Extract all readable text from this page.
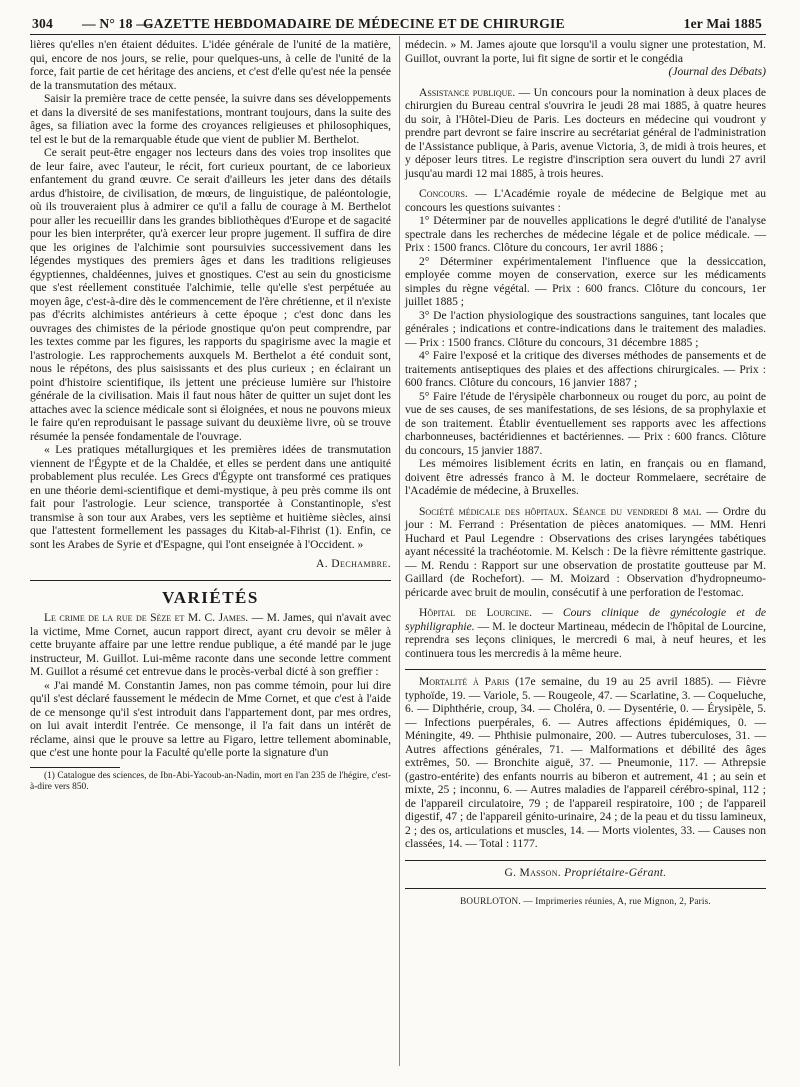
304 — N° 18 —
GAZETTE HEBDOMADAIRE DE MÉDECINE ET DE CHIRURGIE	1er Mai 1885

lières qu'elles n'en étaient déduites. L'idée générale de l'unité de la matière, qui, encore de nos jours, se relie, pour quelques-uns, à celle de l'unité de la force, fait partie de cet héritage des anciens, et c'est d'elle qu'est née la pensée de la transmutation des métaux.

Saisir la première trace de cette pensée, la suivre dans ses développements et dans la diversité de ses manifestations, montrant toujours, dans la suite des âges, sa filiation avec la forme des croyances religieuses et philosophiques, tel est le but de la remarquable étude que vient de publier M. Berthelot.

Ce serait peut-être engager nos lecteurs dans des voies trop insolites que de leur faire, avec l'auteur, le récit, fort curieux pourtant, de ce laborieux enfantement du grand œuvre. Ce serait d'ailleurs les jeter dans des détails ardus d'histoire, de civilisation, de mœurs, de linguistique, de paléontologie, où ils trouveraient plus à admirer ce qu'il a fallu de courage à M. Berthelot pour aller les recueillir dans les grandes bibliothèques d'Europe et de sagacité pour les bien interpréter, qu'à exercer leur propre jugement. Il suffira de dire que les origines de l'alchimie sont poursuivies successivement dans les légendes mystiques des premiers âges et dans les traditions religieuses égyptiennes, chaldéennes, juives et gnostiques. C'est au sein du gnosticisme que s'est réellement constituée l'alchimie, telle qu'elle s'est perpétuée au moyen âge, c'est-à-dire dès le commencement de l'ère chrétienne, et il n'existe pas d'écrits alchimistes antérieurs à cette époque ; c'est donc dans les ouvrages des chimistes de la période gnostique qu'on peut comprendre, par les textes comme par les figures, les rapports du spagirisme avec la magie et l'astrologie. Les rapprochements auxquels M. Berthelot a été conduit sont, nous le répétons, des plus saisissants et des plus curieux ; en éclairant un point d'histoire scientifique, ils jettent une précieuse lumière sur l'histoire générale de la civilisation. Mais il faut nous hâter de quitter un sujet dont les attaches avec la science médicale sont si éloignées, et nous ne pouvons mieux le faire qu'en reproduisant le passage suivant du deuxième livre, où se trouve résumée la pensée fondamentale de l'ouvrage.

« Les pratiques métallurgiques et les premières idées de transmutation viennent de l'Égypte et de la Chaldée, et elles se perdent dans une antiquité probablement plus reculée. Les Grecs d'Égypte ont transformé ces pratiques en une théorie demi-scientifique et demi-mystique, à peu près comme ils ont fait pour l'astrologie. Leur science, transportée à Constantinople, s'est transmise à son tour aux Arabes, vers les septième et huitième siècles, ainsi que l'attestent formellement les passages du Kitab-al-Fihrist (1). Enfin, ce sont les Arabes de Syrie et d'Espagne, qui l'ont enseignée à l'Occident. »

A. Dechambre.
VARIÉTÉS

Le crime de la rue de Sèze et M. C. James. — M. James, qui n'avait avec la victime, Mme Cornet, aucun rapport direct, ayant cru devoir se mêler à cette bruyante affaire par une lettre rendue publique, a été mandé par le juge instructeur, M. Guillot. Lui-même raconte dans une seconde lettre comment M. Guillot a résumé cet entrevue dans le procès-verbal dicté à son greffier :

« J'ai mandé M. Constantin James, non pas comme témoin, pour lui dire qu'il s'est déclaré faussement le médecin de Mme Cornet, et que c'est à l'aide de ce mensonge qu'il s'est introduit dans l'appartement dont, par mes ordres, on lui avait interdit l'entrée. Ce mensonge, il l'a fait dans un intérêt de réclame, ainsi que le prouve sa lettre au Figaro, lettre tellement abominable, que c'est une honte pour la Faculté qu'elle porte la signature d'un

(1) Catalogue des sciences, de Ibn-Abi-Yacoub-an-Nadin, mort en l'an 235 de l'hégire, c'est-à-dire vers 850.

médecin. » M. James ajoute que lorsqu'il a voulu signer une protestation, M. Guillot, ouvrant la porte, lui fit signe de sortir et le congédia

(Journal des Débats)

Assistance publique. — Un concours pour la nomination à deux places de chirurgien du Bureau central s'ouvrira le jeudi 28 mai 1885, à quatre heures du soir, à l'Hôtel-Dieu de Paris. Les docteurs en médecine qui voudront y prendre part devront se faire inscrire au secrétariat général de l'administration de l'Assistance publique, à Paris, avenue Victoria, 3, de midi à trois heures, et y déposer leurs titres. Le registre d'inscription sera ouvert du lundi 27 avril jusqu'au mardi 12 mai 1885, à trois heures.

Concours. — L'Académie royale de médecine de Belgique met au concours les questions suivantes :

1° Déterminer par de nouvelles applications le degré d'utilité de l'analyse spectrale dans les recherches de médecine légale et de police médicale. — Prix : 1500 francs. Clôture du concours, 1er avril 1886 ;

2° Déterminer expérimentalement l'influence que la dessiccation, employée comme moyen de conservation, exerce sur les médicaments simples du règne végétal. — Prix : 600 francs. Clôture du concours, 1er juillet 1885 ;

3° De l'action physiologique des soustractions sanguines, tant locales que générales ; indications et contre-indications dans le traitement des maladies. — Prix : 1500 francs. Clôture du concours, 31 décembre 1885 ;

4° Faire l'exposé et la critique des diverses méthodes de pansements et de traitements antiseptiques des plaies et des affections chirurgicales. — Prix : 600 francs. Clôture du concours, 16 janvier 1887 ;

5° Faire l'étude de l'érysipèle charbonneux ou rouget du porc, au point de vue de ses causes, de ses manifestations, de ses lésions, de sa prophylaxie et de son traitement. Établir éventuellement ses rapports avec les affections charbonneuses, bactéridiennes et bactériennes. — Prix : 600 francs. Clôture du concours, 15 janvier 1887.

Les mémoires lisiblement écrits en latin, en français ou en flamand, doivent être adressés franco à M. le docteur Rommelaere, secrétaire de l'Académie de médecine, à Bruxelles.

Société médicale des hôpitaux. Séance du vendredi 8 mai. — Ordre du jour : M. Ferrand : Présentation de pièces anatomiques. — MM. Henri Huchard et Paul Legendre : Observations des crises laryngées tabétiques ayant nécessité la trachéotomie. M. Kelsch : De la fièvre rémittente gastrique. — M. Rendu : Rapport sur une observation de prostatite goutteuse par M. Gaillard (de Rochefort). — M. Moizard : Observation d'hydropneumo-péricarde avec bruit de moulin, consécutif à une perforation de l'estomac.

Hôpital de Lourcine. — Cours clinique de gynécologie et de syphiligraphie. — M. le docteur Martineau, médecin de l'hôpital de Lourcine, reprendra ses leçons cliniques, le mercredi 6 mai, à neuf heures, et les continuera tous les mercredis à la même heure.

Mortalité à Paris (17e semaine, du 19 au 25 avril 1885). — Fièvre typhoïde, 19. — Variole, 5. — Rougeole, 47. — Scarlatine, 3. — Coqueluche, 6. — Diphthérie, croup, 34. — Choléra, 0. — Dysentérie, 0. — Érysipèle, 5. — Infections puerpérales, 6. — Autres affections épidémiques, 0. — Méningite, 49. — Phthisie pulmonaire, 200. — Autres tuberculoses, 31. — Autres affections générales, 71. — Malformations et débilité des âges extrêmes, 50. — Bronchite aiguë, 37. — Pneumonie, 117. — Athrepsie (gastro-entérite) des enfants nourris au biberon et autrement, 41 ; au sein et mixte, 25 ; inconnu, 6. — Autres maladies de l'appareil cérébro-spinal, 112 ; de l'appareil circulatoire, 79 ; de l'appareil respiratoire, 100 ; de l'appareil digestif, 47 ; de l'appareil génito-urinaire, 24 ; de la peau et du tissu lamineux, 2 ; des os, articulations et muscles, 14. — Morts violentes, 33. — Causes non classées, 14. — Total : 1177.

G. Masson. Propriétaire-Gérant.
BOURLOTON. — Imprimeries réunies, A, rue Mignon, 2, Paris.
